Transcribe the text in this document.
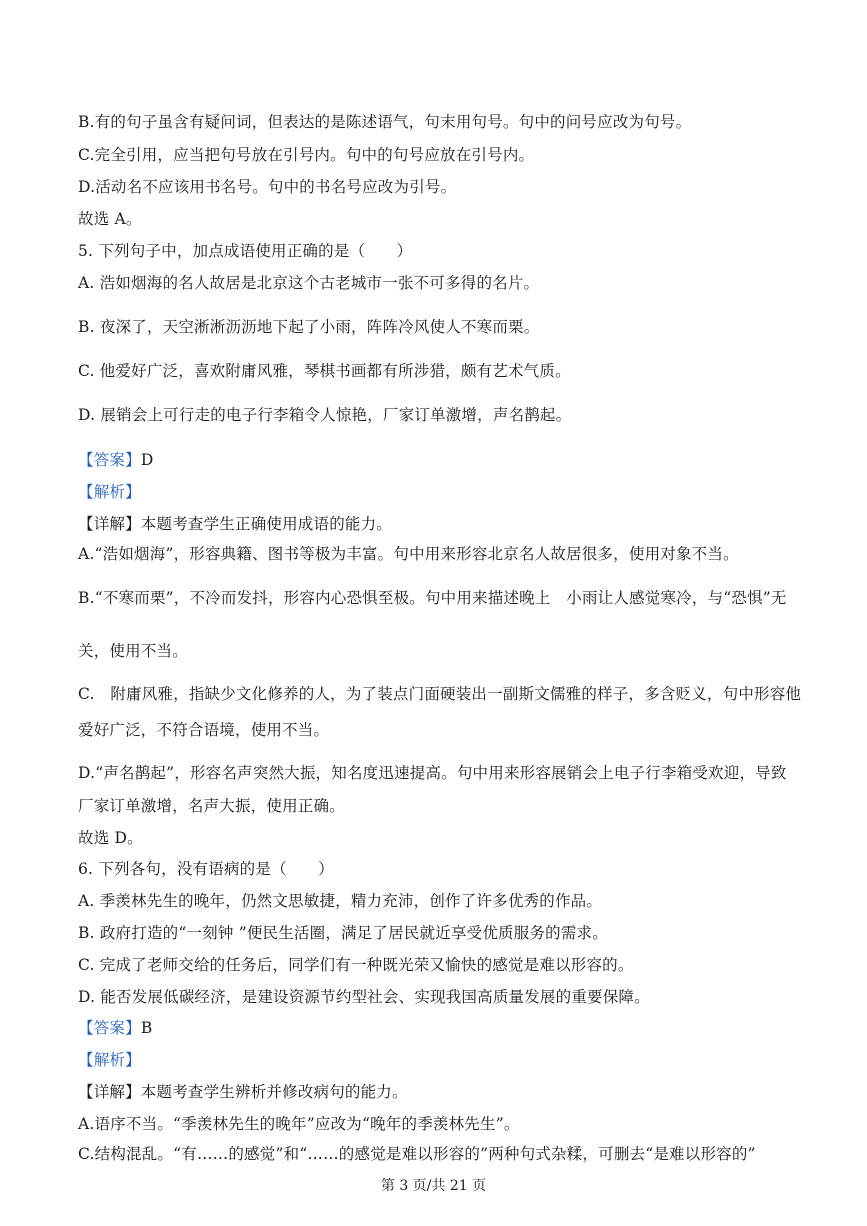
B.有的句子虽含有疑问词，但表达的是陈述语气，句末用句号。句中的问号应改为句号。
C.完全引用，应当把句号放在引号内。句中的句号应放在引号内。
D.活动名不应该用书名号。句中的书名号应改为引号。
故选 A。
5. 下列句子中，加点成语使用正确的是（　　）
A. 浩如烟海的名人故居是北京这个古老城市一张不可多得的名片。
B. 夜深了，天空淅淅沥沥地下起了小雨，阵阵冷风使人不寒而栗。
C. 他爱好广泛，喜欢附庸风雅，琴棋书画都有所涉猎，颇有艺术气质。
D. 展销会上可行走的电子行李箱令人惊艳，厂家订单激增，声名鹊起。
【答案】D
【解析】
【详解】本题考查学生正确使用成语的能力。
A.“浩如烟海”，形容典籍、图书等极为丰富。句中用来形容北京名人故居很多，使用对象不当。
B.“不寒而栗”，不冷而发抖，形容内心恐惧至极。句中用来描述晚上　小雨让人感觉寒冷，与“恐惧”无
关，使用不当。
C.　附庸风雅，指缺少文化修养的人，为了装点门面硬装出一副斯文儒雅的样子，多含贬义，句中形容他
爱好广泛，不符合语境，使用不当。
D.“声名鹊起”，形容名声突然大振，知名度迅速提高。句中用来形容展销会上电子行李箱受欢迎，导致
厂家订单激增，名声大振，使用正确。
故选 D。
6. 下列各句，没有语病的是（　　）
A. 季羡林先生的晚年，仍然文思敏捷，精力充沛，创作了许多优秀的作品。
B. 政府打造的“一刻钟 ”便民生活圈，满足了居民就近享受优质服务的需求。
C. 完成了老师交给的任务后，同学们有一种既光荣又愉快的感觉是难以形容的。
D. 能否发展低碳经济，是建设资源节约型社会、实现我国高质量发展的重要保障。
【答案】B
【解析】
【详解】本题考查学生辨析并修改病句的能力。
A.语序不当。“季羡林先生的晚年”应改为“晚年的季羡林先生”。
C.结构混乱。“有……的感觉”和“……的感觉是难以形容的”两种句式杂糅，可删去“是难以形容的”
第 3 页/共 21 页
